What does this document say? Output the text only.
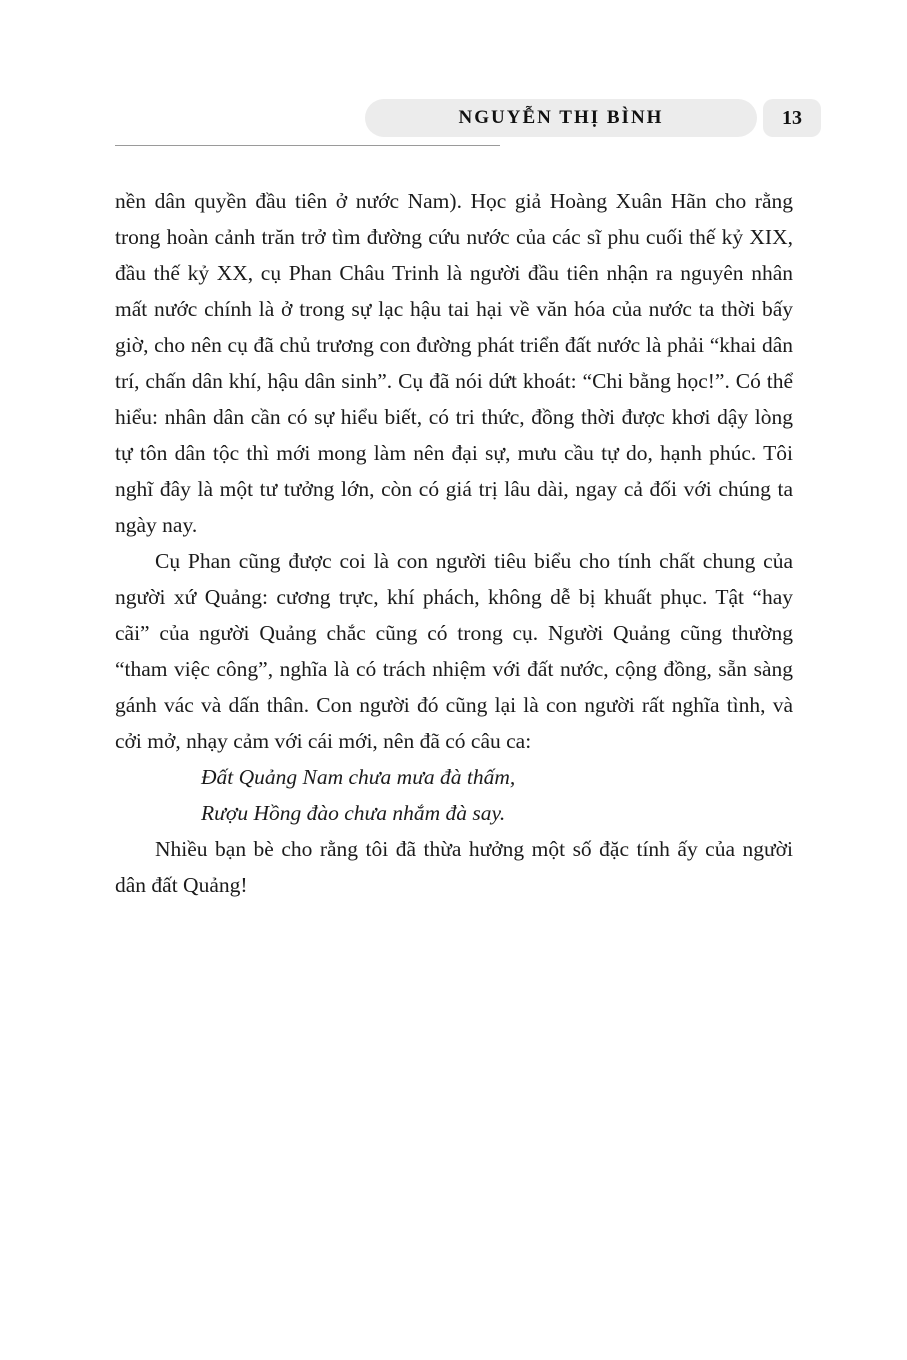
NGUYỄN THỊ BÌNH	13

nền dân quyền đầu tiên ở nước Nam). Học giả Hoàng Xuân Hãn cho rằng trong hoàn cảnh trăn trở tìm đường cứu nước của các sĩ phu cuối thế kỷ XIX, đầu thế kỷ XX, cụ Phan Châu Trinh là người đầu tiên nhận ra nguyên nhân mất nước chính là ở trong sự lạc hậu tai hại về văn hóa của nước ta thời bấy giờ, cho nên cụ đã chủ trương con đường phát triển đất nước là phải “khai dân trí, chấn dân khí, hậu dân sinh”. Cụ đã nói dứt khoát: “Chi bằng học!”. Có thể hiểu: nhân dân cần có sự hiểu biết, có tri thức, đồng thời được khơi dậy lòng tự tôn dân tộc thì mới mong làm nên đại sự, mưu cầu tự do, hạnh phúc. Tôi nghĩ đây là một tư tưởng lớn, còn có giá trị lâu dài, ngay cả đối với chúng ta ngày nay.

Cụ Phan cũng được coi là con người tiêu biểu cho tính chất chung của người xứ Quảng: cương trực, khí phách, không dễ bị khuất phục. Tật “hay cãi” của người Quảng chắc cũng có trong cụ. Người Quảng cũng thường “tham việc công”, nghĩa là có trách nhiệm với đất nước, cộng đồng, sẵn sàng gánh vác và dấn thân. Con người đó cũng lại là con người rất nghĩa tình, và cởi mở, nhạy cảm với cái mới, nên đã có câu ca:

Đất Quảng Nam chưa mưa đà thấm,

Rượu Hồng đào chưa nhắm đà say.

Nhiều bạn bè cho rằng tôi đã thừa hưởng một số đặc tính ấy của người dân đất Quảng!
